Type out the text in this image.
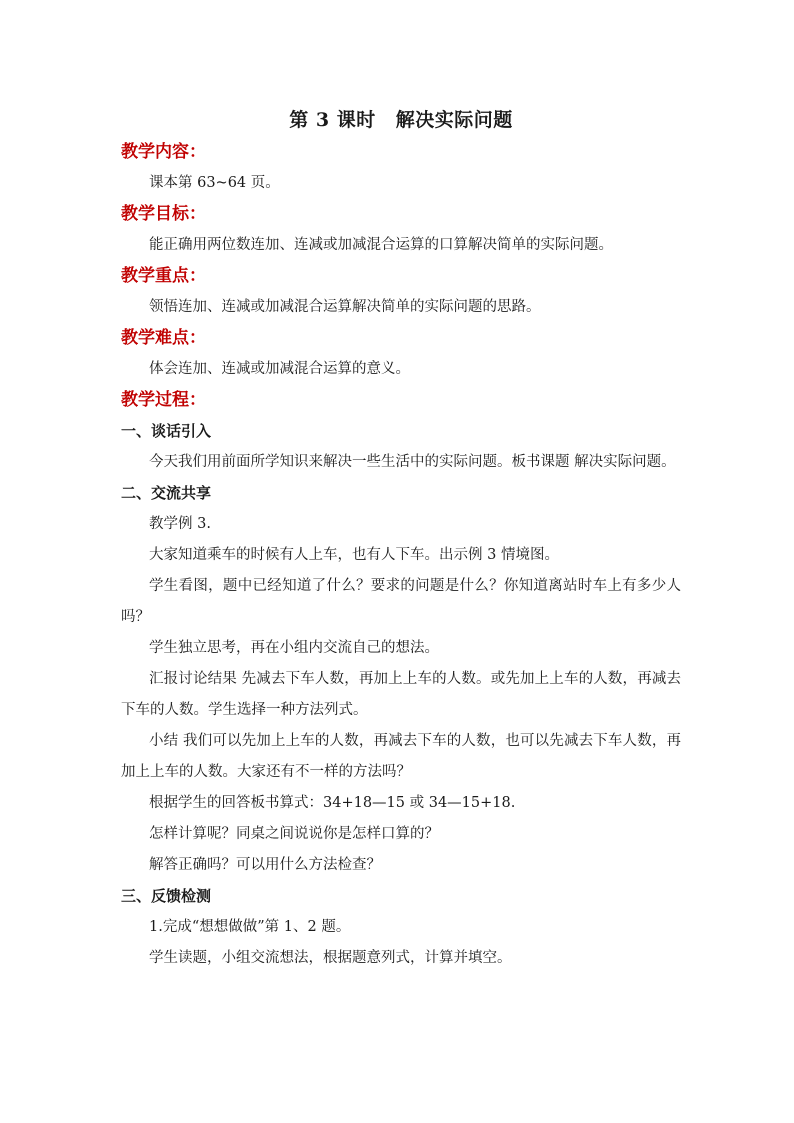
第 3 课时 解决实际问题
教学内容：

课本第 63~64 页。

教学目标：

能正确用两位数连加、连减或加减混合运算的口算解决简单的实际问题。

教学重点：

领悟连加、连减或加减混合运算解决简单的实际问题的思路。

教学难点：

体会连加、连减或加减混合运算的意义。

教学过程：
一、谈话引入

今天我们用前面所学知识来解决一些生活中的实际问题。板书课题 解决实际问题。

二、交流共享

教学例 3.

大家知道乘车的时候有人上车，也有人下车。出示例 3 情境图。

学生看图，题中已经知道了什么？要求的问题是什么？你知道离站时车上有多少人吗？

学生独立思考，再在小组内交流自己的想法。

汇报讨论结果 先减去下车人数，再加上上车的人数。或先加上上车的人数，再减去下车的人数。学生选择一种方法列式。

小结 我们可以先加上上车的人数，再减去下车的人数，也可以先减去下车人数，再加上上车的人数。大家还有不一样的方法吗？

根据学生的回答板书算式：34+18—15 或 34—15+18.

怎样计算呢？同桌之间说说你是怎样口算的？

解答正确吗？可以用什么方法检查？

三、反馈检测

1.完成“想想做做”第 1、2 题。

学生读题，小组交流想法，根据题意列式，计算并填空。
